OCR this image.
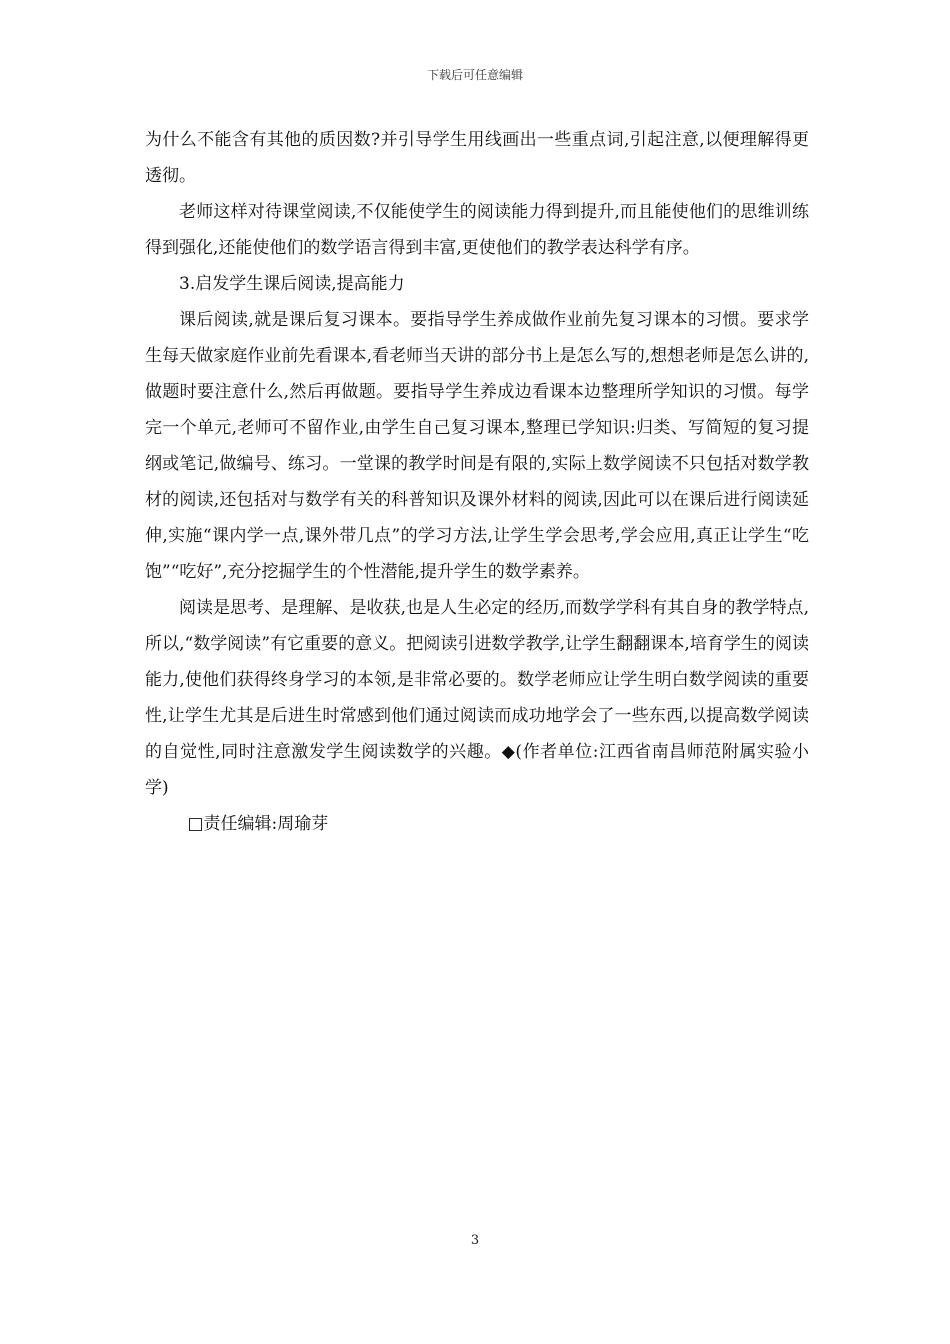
下载后可任意编辑

为什么不能含有其他的质因数?并引导学生用线画出一些重点词,引起注意,以便理解得更透彻。

老师这样对待课堂阅读,不仅能使学生的阅读能力得到提升,而且能使他们的思维训练得到强化,还能使他们的数学语言得到丰富,更使他们的教学表达科学有序。

3.启发学生课后阅读,提高能力

课后阅读,就是课后复习课本。要指导学生养成做作业前先复习课本的习惯。要求学生每天做家庭作业前先看课本,看老师当天讲的部分书上是怎么写的,想想老师是怎么讲的,做题时要注意什么,然后再做题。要指导学生养成边看课本边整理所学知识的习惯。每学完一个单元,老师可不留作业,由学生自己复习课本,整理已学知识:归类、写简短的复习提纲或笔记,做编号、练习。一堂课的教学时间是有限的,实际上数学阅读不只包括对数学教材的阅读,还包括对与数学有关的科普知识及课外材料的阅读,因此可以在课后进行阅读延伸,实施“课内学一点,课外带几点”的学习方法,让学生学会思考,学会应用,真正让学生“吃饱”“吃好”,充分挖掘学生的个性潜能,提升学生的数学素养。

阅读是思考、是理解、是收获,也是人生必定的经历,而数学学科有其自身的教学特点,所以,“数学阅读”有它重要的意义。把阅读引进数学教学,让学生翻翻课本,培育学生的阅读能力,使他们获得终身学习的本领,是非常必要的。数学老师应让学生明白数学阅读的重要性,让学生尤其是后进生时常感到他们通过阅读而成功地学会了一些东西,以提高数学阅读的自觉性,同时注意激发学生阅读数学的兴趣。◆(作者单位:江西省南昌师范附属实验小学)

□责任编辑:周瑜芽

3
